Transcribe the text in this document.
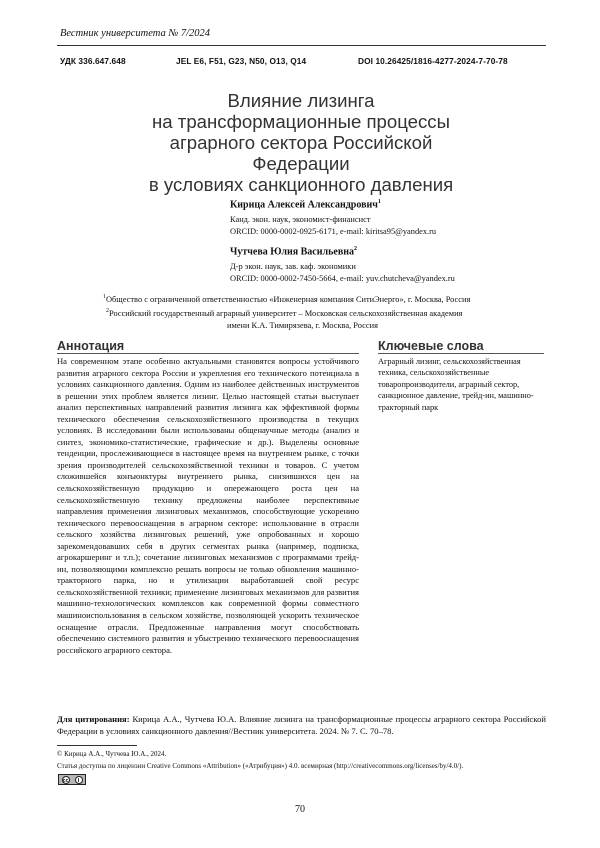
Вестник университета № 7/2024
УДК 336.647.648	JEL E6, F51, G23, N50, O13, Q14	DOI 10.26425/1816-4277-2024-7-70-78
Влияние лизинга
на трансформационные процессы
аграрного сектора Российской Федерации
в условиях санкционного давления
Кирица Алексей Александрович$^1$
Канд. экон. наук, экономист-финансист
ORCID: 0000-0002-0925-6171, e-mail: kiritsa95@yandex.ru
Чутчева Юлия Васильевна$^2$
Д-р экон. наук, зав. каф. экономики
ORCID: 0000-0002-7450-5664, e-mail: yuv.chutcheva@yandex.ru
$^1$Общество с ограниченной ответственностью «Инженерная компания СитиЭнерго», г. Москва, Россия
$^2$Российский государственный аграрный университет – Московская сельскохозяйственная академия
имени К.А. Тимирязева, г. Москва, Россия
Аннотация
На современном этапе особенно актуальными становятся вопросы устойчивого развития аграрного сектора России и укрепления его технического потенциала в условиях санкционного давления. Одним из наиболее действенных инструментов в решении этих проблем является лизинг. Целью настоящей статьи выступает анализ перспективных направлений развития лизинга как эффективной формы технического обеспечения сельскохозяйственного производства в текущих условиях. В исследовании были использованы общенаучные методы (анализ и синтез, экономико-статистические, графические и др.). Выделены основные тенденции, прослеживающиеся в настоящее время на внутреннем рынке, с точки зрения производителей сельскохозяйственной техники и товаров. С учетом сложившейся конъюнктуры внутреннего рынка, снизившихся цен на сельскохозяйственную продукцию и опережающего роста цен на сельскохозяйственную технику предложены наиболее перспективные направления применения лизинговых механизмов, способствующие ускорению технического перевооснащения в аграрном секторе: использование в отрасли сельского хозяйства лизинговых решений, уже опробованных и хорошо зарекомендовавших себя в других сегментах рынка (например, подписка, агрокаршеринг и т.п.); сочетание лизинговых механизмов с программами трейд-ин, позволяющими комплексно решать вопросы не только обновления машинно-тракторного парка, но и утилизации выработавшей свой ресурс сельскохозяйственной техники; применение лизинговых механизмов для развития машинно-технологических комплексов как современной формы совместного машиноиспользования в сельском хозяйстве, позволяющей ускорить техническое оснащение отрасли. Предложенные направления могут способствовать обеспечению системного развития и убыстрению технического перевооснащения российского аграрного сектора.
Ключевые слова
Аграрный лизинг, сельскохозяйственная техника, сельскохозяйственные товаропроизводители, аграрный сектор, санкционное давление, трейд-ин, машинно-тракторный парк
Для цитирования: Кирица А.А., Чутчева Ю.А. Влияние лизинга на трансформационные процессы аграрного сектора Российской Федерации в условиях санкционного давления//Вестник университета. 2024. № 7. С. 70–78.
© Кирица А.А., Чутчева Ю.А., 2024.
Статья доступна по лицензии Creative Commons «Attribution» («Атрибуция») 4.0. всемирная (http://creativecommons.org/licenses/by/4.0/).
cc	i
70
